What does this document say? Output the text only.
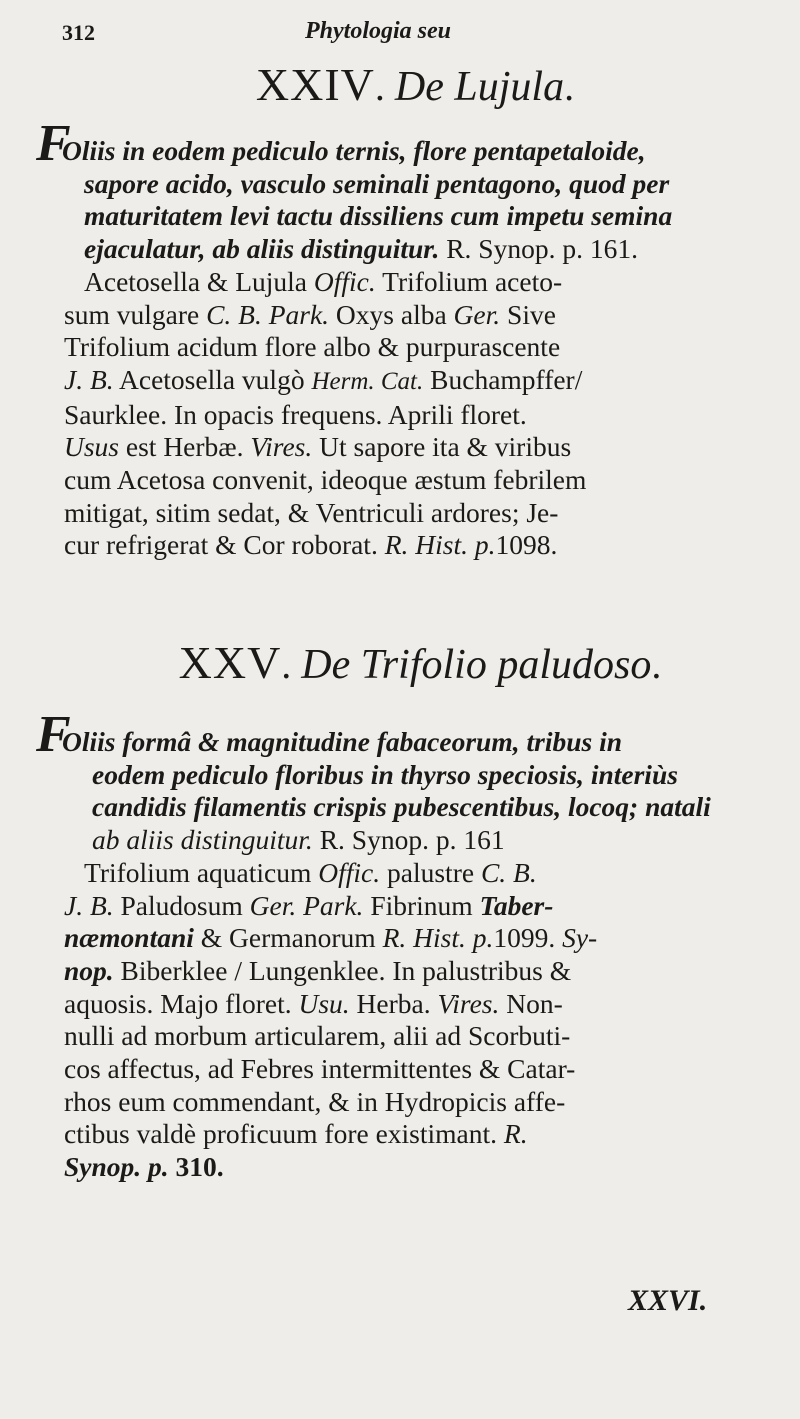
312	Phytologia seu
XXIV. De Lujula.
FOliis in eodem pediculo ternis, flore pentapetaloide,
sapore acido, vasculo seminali pentagono, quod per
maturitatem levi tactu dissiliens cum impetu semina
ejaculatur, ab aliis distinguitur. R. Synop. p. 161.
Acetosella & Lujula Offic. Trifolium aceto-
sum vulgare C. B. Park. Oxys alba Ger. Sive
Trifolium acidum flore albo & purpurascente
J. B. Acetosella vulgò Herm. Cat. Buchampffer/
Saurklee. In opacis frequens. Aprili floret.
Usus est Herbæ. Vires. Ut sapore ita & viribus
cum Acetosa convenit, ideoque æstum febrilem
mitigat, sitim sedat, & Ventriculi ardores; Je-
cur refrigerat & Cor roborat. R. Hist. p.1098.
XXV. De Trifolio paludoso.
FOliis formâ & magnitudine fabaceorum, tribus in
eodem pediculo floribus in thyrso speciosis, interiùs
candidis filamentis crispis pubescentibus, locoq; natali
ab aliis distinguitur. R. Synop. p. 161
Trifolium aquaticum Offic. palustre C. B.
J. B. Paludosum Ger. Park. Fibrinum Taber-
næmontani & Germanorum R. Hist. p.1099. Sy-
nop. Biberklee / Lungenklee. In palustribus &
aquosis. Majo floret. Usu. Herba. Vires. Non-
nulli ad morbum articularem, alii ad Scorbuti-
cos affectus, ad Febres intermittentes & Catar-
rhos eum commendant, & in Hydropicis affe-
ctibus valdè proficuum fore existimant. R.
Synop. p. 310.
XXVI.
